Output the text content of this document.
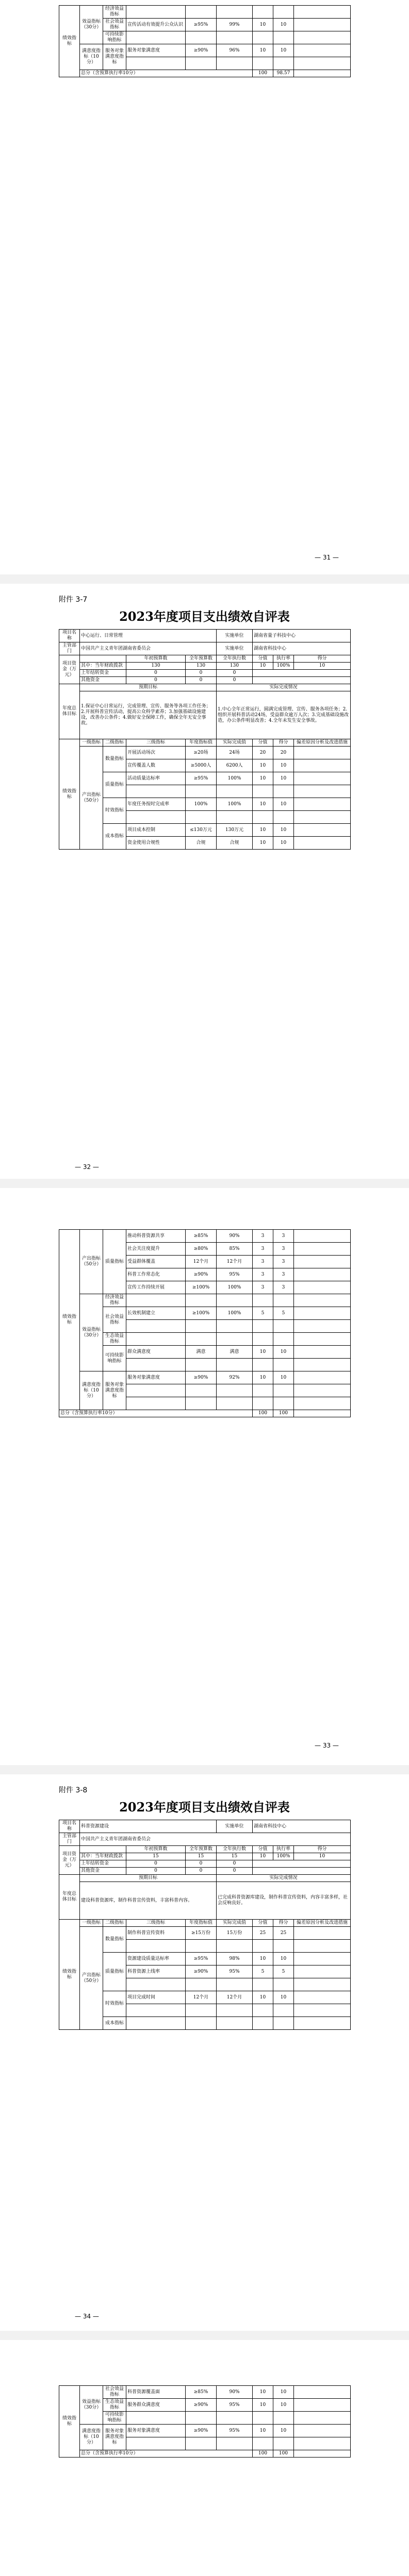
绩效指标	效益指标（30分）	经济效益指标						
		社会效益指标	宣传活动有效提升公众认识	≥95%	99%	10	10	
		可持续影响指标						
	满意度指标（10分）	服务对象满意度指标	服务对象满意度	≥90%	96%	10	10	

	总分（含预算执行率10分）					100	98.57	
— 31 —
附件 3-7
2023年度项目支出绩效自评表
项目名称	中心运行、日常管理				实施单位	湖南省量子科技中心		
主管部门	中国共产主义青年团湖南省委员会				实施单位	湖南省科技中心		
项目资金（万元）			年初预算数	全年预算数	全年执行数	分值	执行率	得分
	其中：当年财政拨款		130	130	130	10	100%	10
	上年结转资金		0	0	0			
	其他资金		0	0	0			
年度总体目标	预期目标				实际完成情况			
	1.保证中心日常运行，完成管理、宣传、服务等各项工作任务；2.开展科普宣传活动，提高公众科学素养；3.加强基础设施建设，改善办公条件；4.做好安全保障工作，确保全年无安全事故。				1.中心全年正常运行，圆满完成管理、宣传、服务各项任务；2.组织开展科普活动24场，受益群众逾万人次；3.完成基础设施改造，办公条件明显改善；4.全年未发生安全事故。			
绩效指标	一级指标	二级指标	三级指标	年度指标值	实际完成值	分值	得分	偏差原因分析及改进措施
	产出指标（50分）	数量指标	开展活动场次	≥20场	24场	20	20	
			宣传覆盖人数	≥5000人	6200人	10	10	
		质量指标	活动质量达标率	≥95%	100%	10	10	

		时效指标	年度任务按时完成率	100%	100%	10	10	

		成本指标	项目成本控制	≤130万元	130万元	10	10	
			资金使用合规性	合规	合规	10	10	
— 32 —
绩效指标	产出指标（50分）	质量指标	推动科普资源共享	≥85%	90%	3	3	
			社会关注度提升	≥80%	85%	3	3	
			受益群体覆盖	12个月	12个月	3	3	
			科普工作常态化	≥90%	95%	3	3	
			宣传工作持续开展	≥100%	100%	3	3	
	效益指标（30分）	经济效益指标						
		社会效益指标	长效机制建立	≥100%	100%	5	5	

		生态效益指标						
		可持续影响指标	群众满意度	满意	满意	10	10	

	满意度指标（10分）	服务对象满意度指标	服务对象满意度	≥90%	92%	10	10	

总分（含预算执行率10分）						100	100	
— 33 —
附件 3-8
2023年度项目支出绩效自评表
项目名称	科普资源建设				实施单位	湖南省科技中心		
主管部门	中国共产主义青年团湖南省委员会							
项目资金（万元）			年初预算数	全年预算数	全年执行数	分值	执行率	得分
	其中：当年财政拨款		15	15	15	10	100%	10
	上年结转资金		0	0	0			
	其他资金		0	0	0			
年度总体目标	预期目标				实际完成情况			
	建设科普资源库，制作科普宣传资料，丰富科普内容。				已完成科普资源库建设，制作科普宣传资料，内容丰富多样，社会反响良好。			
绩效指标	一级指标	二级指标	三级指标	年度指标值	实际完成值	分值	得分	偏差原因分析及改进措施
	产出指标（50分）	数量指标	制作科普宣传资料	≥15万份	15万份	25	25	

		质量指标	资源建设质量达标率	≥95%	98%	10	10	
			科普资源上线率	≥90%	95%	5	5	

		时效指标	项目完成时间	12个月	12个月	10	10	

		成本指标						
— 34 —
绩效指标	效益指标（30分）	社会效益指标	科普资源覆盖面	≥85%	90%	10	10	
		生态效益指标	服务群众满意度	≥90%	95%	10	10	
		可持续影响指标						
	满意度指标（10分）	服务对象满意度指标	服务对象满意度	≥90%	95%	10	10	

	总分（含预算执行率10分）					100	100	
